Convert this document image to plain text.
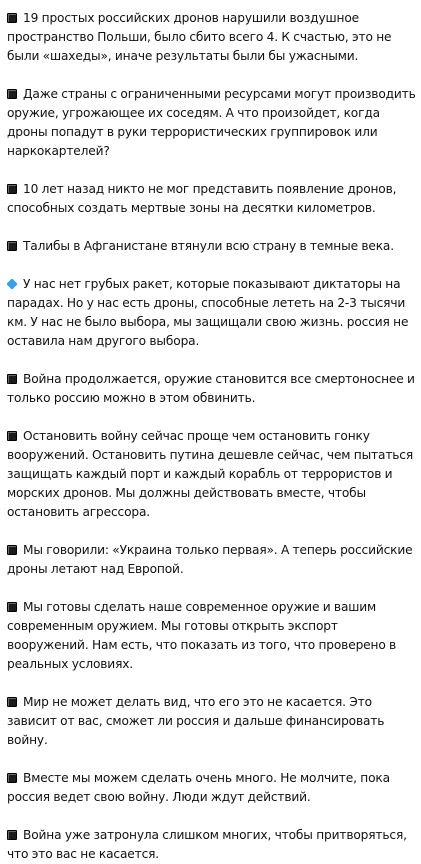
19 простых российских дронов нарушили воздушное пространство Польши, было сбито всего 4. К счастью, это не были «шахеды», иначе результаты были бы ужасными.

Даже страны с ограниченными ресурсами могут производить оружие, угрожающее их соседям. А что произойдет, когда дроны попадут в руки террористических группировок или наркокартелей?

10 лет назад никто не мог представить появление дронов, способных создать мертвые зоны на десятки километров.

Талибы в Афганистане втянули всю страну в темные века.

У нас нет грубых ракет, которые показывают диктаторы на парадах. Но у нас есть дроны, способные лететь на 2-3 тысячи км. У нас не было выбора, мы защищали свою жизнь. россия не оставила нам другого выбора.

Война продолжается, оружие становится все смертоноснее и только россию можно в этом обвинить.

Остановить войну сейчас проще чем остановить гонку вооружений. Остановить путина дешевле сейчас, чем пытаться защищать каждый порт и каждый корабль от террористов и морских дронов. Мы должны действовать вместе, чтобы остановить агрессора.

Мы говорили: «Украина только первая». А теперь российские дроны летают над Европой.

Мы готовы сделать наше современное оружие и вашим современным оружием. Мы готовы открыть экспорт вооружений. Нам есть, что показать из того, что проверено в реальных условиях.

Мир не может делать вид, что его это не касается. Это зависит от вас, сможет ли россия и дальше финансировать войну.

Вместе мы можем сделать очень много. Не молчите, пока россия ведет свою войну. Люди ждут действий.

Война уже затронула слишком многих, чтобы притворяться, что это вас не касается.
